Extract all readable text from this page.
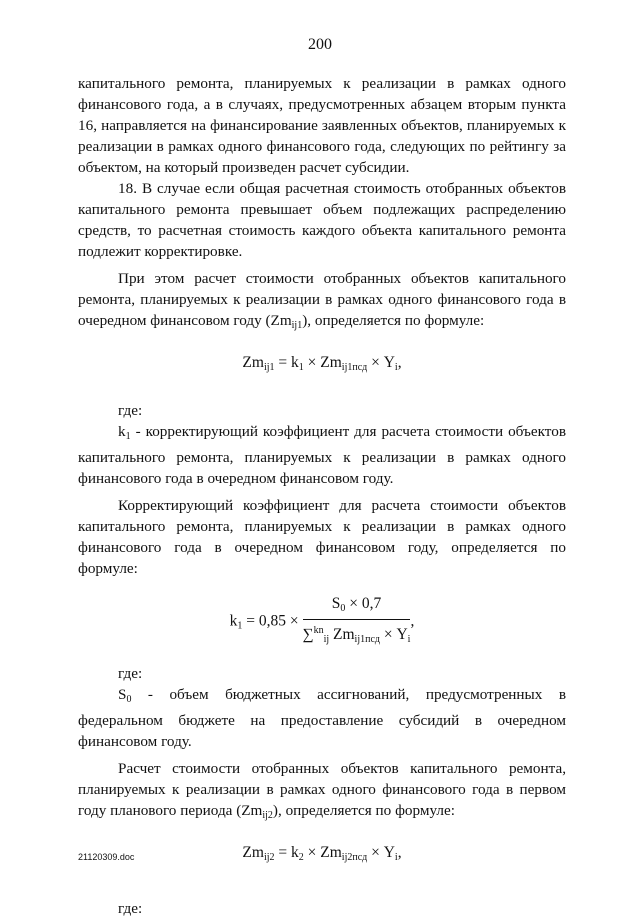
200

капитального ремонта, планируемых к реализации в рамках одного финансового года, а в случаях, предусмотренных абзацем вторым пункта 16, направляется на финансирование заявленных объектов, планируемых к реализации в рамках одного финансового года, следующих по рейтингу за объектом, на который произведен расчет субсидии.

18. В случае если общая расчетная стоимость отобранных объектов капитального ремонта превышает объем подлежащих распределению средств, то расчетная стоимость каждого объекта капитального ремонта подлежит корректировке.

При этом расчет стоимости отобранных объектов капитального ремонта, планируемых к реализации в рамках одного финансового года в очередном финансовом году $(Zm_{ij1})$, определяется по формуле:

$Zm_{ij1} = k_1 \times Zm_{ij1псд} \times Y_i$,

где:

$k_1$ - корректирующий коэффициент для расчета стоимости объектов капитального ремонта, планируемых к реализации в рамках одного финансового года в очередном финансовом году.

Корректирующий коэффициент для расчета стоимости объектов капитального ремонта, планируемых к реализации в рамках одного финансового года в очередном финансовом году, определяется по формуле:

$k_1 = 0,85 \times \frac{S_0 \times 0,7}{\sum^{kn}_{ij} Zm_{ij1псд} \times Y_i}$ ,

где:

$S_0$ - объем бюджетных ассигнований, предусмотренных в федеральном бюджете на предоставление субсидий в очередном финансовом году.

Расчет стоимости отобранных объектов капитального ремонта, планируемых к реализации в рамках одного финансового года в первом году планового периода $(Zm_{ij2})$, определяется по формуле:

$Zm_{ij2} = k_2 \times Zm_{ij2псд} \times Y_i$,

где:

21120309.doc
